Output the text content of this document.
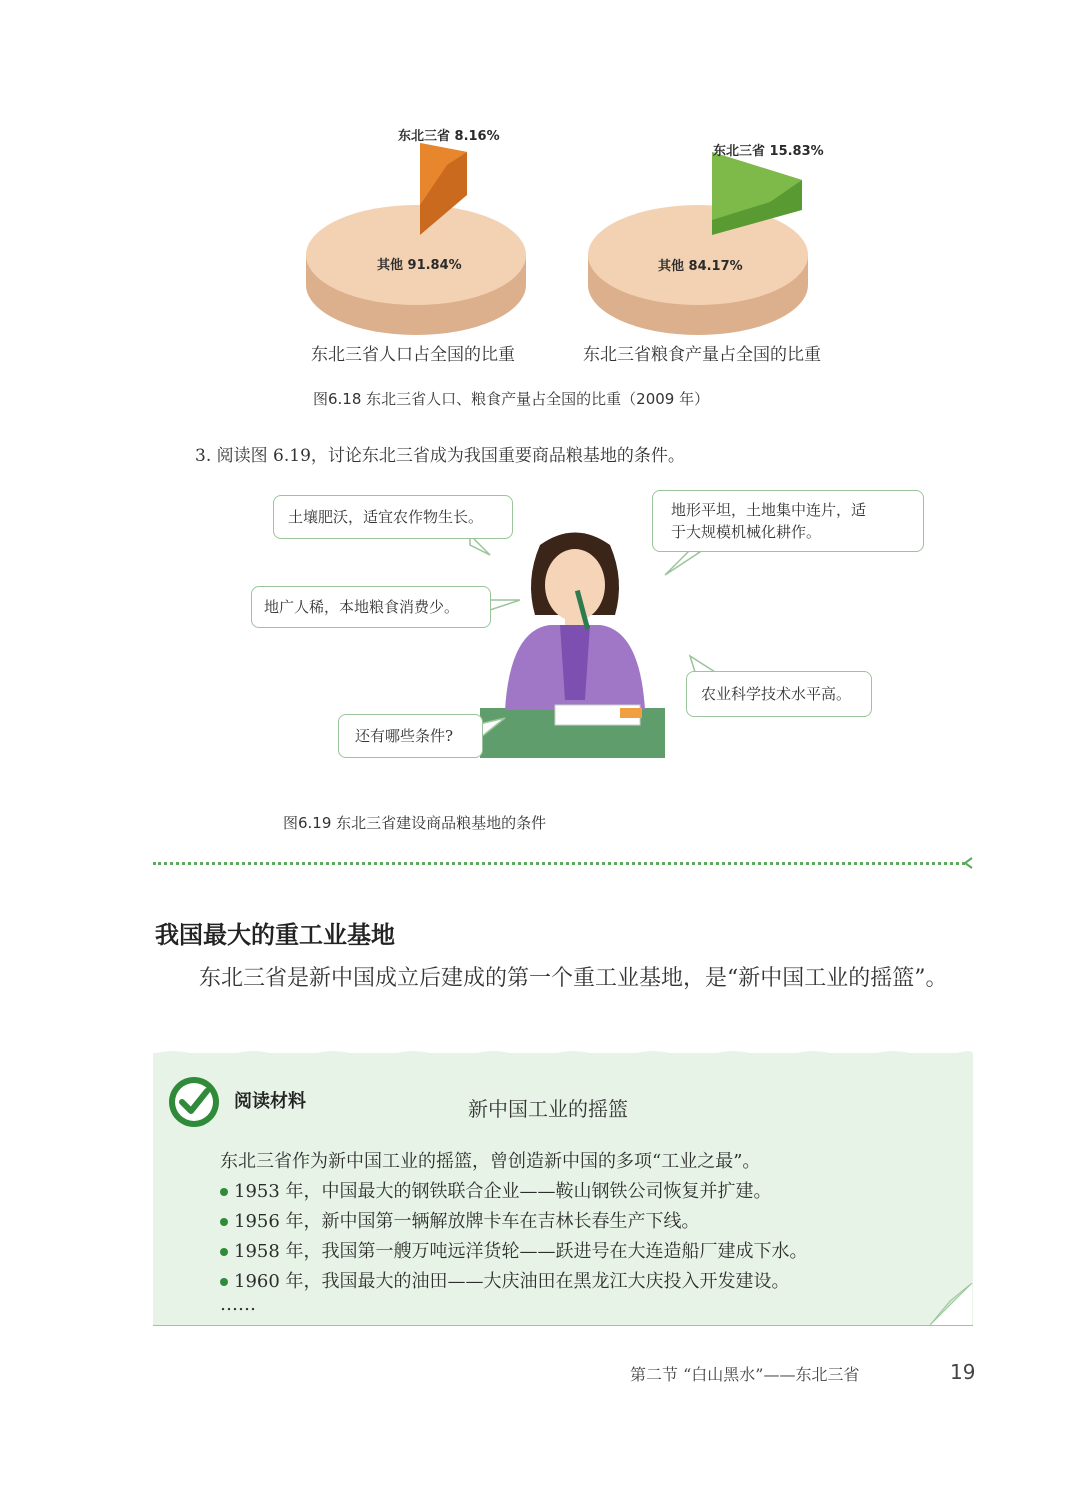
东北三省 8.16%
其他 91.84%
东北三省人口占全国的比重
东北三省 15.83%
其他 84.17%
东北三省粮食产量占全国的比重
图6.18 东北三省人口、粮食产量占全国的比重（2009 年）
3. 阅读图 6.19，讨论东北三省成为我国重要商品粮基地的条件。
土壤肥沃，适宜农作物生长。	地形平坦，土地集中连片，适
于大规模机械化耕作。
地广人稀，本地粮食消费少。
农业科学技术水平高。
还有哪些条件?
图6.19 东北三省建设商品粮基地的条件
我国最大的重工业基地
东北三省是新中国成立后建成的第一个重工业基地，是“新中国工业的摇篮”。
阅读材料	新中国工业的摇篮
东北三省作为新中国工业的摇篮，曾创造新中国的多项“工业之最”。
1953 年，中国最大的钢铁联合企业——鞍山钢铁公司恢复并扩建。
1956 年，新中国第一辆解放牌卡车在吉林长春生产下线。
1958 年，我国第一艘万吨远洋货轮——跃进号在大连造船厂建成下水。
1960 年，我国最大的油田——大庆油田在黑龙江大庆投入开发建设。
……
第二节 “白山黑水”——东北三省	19
